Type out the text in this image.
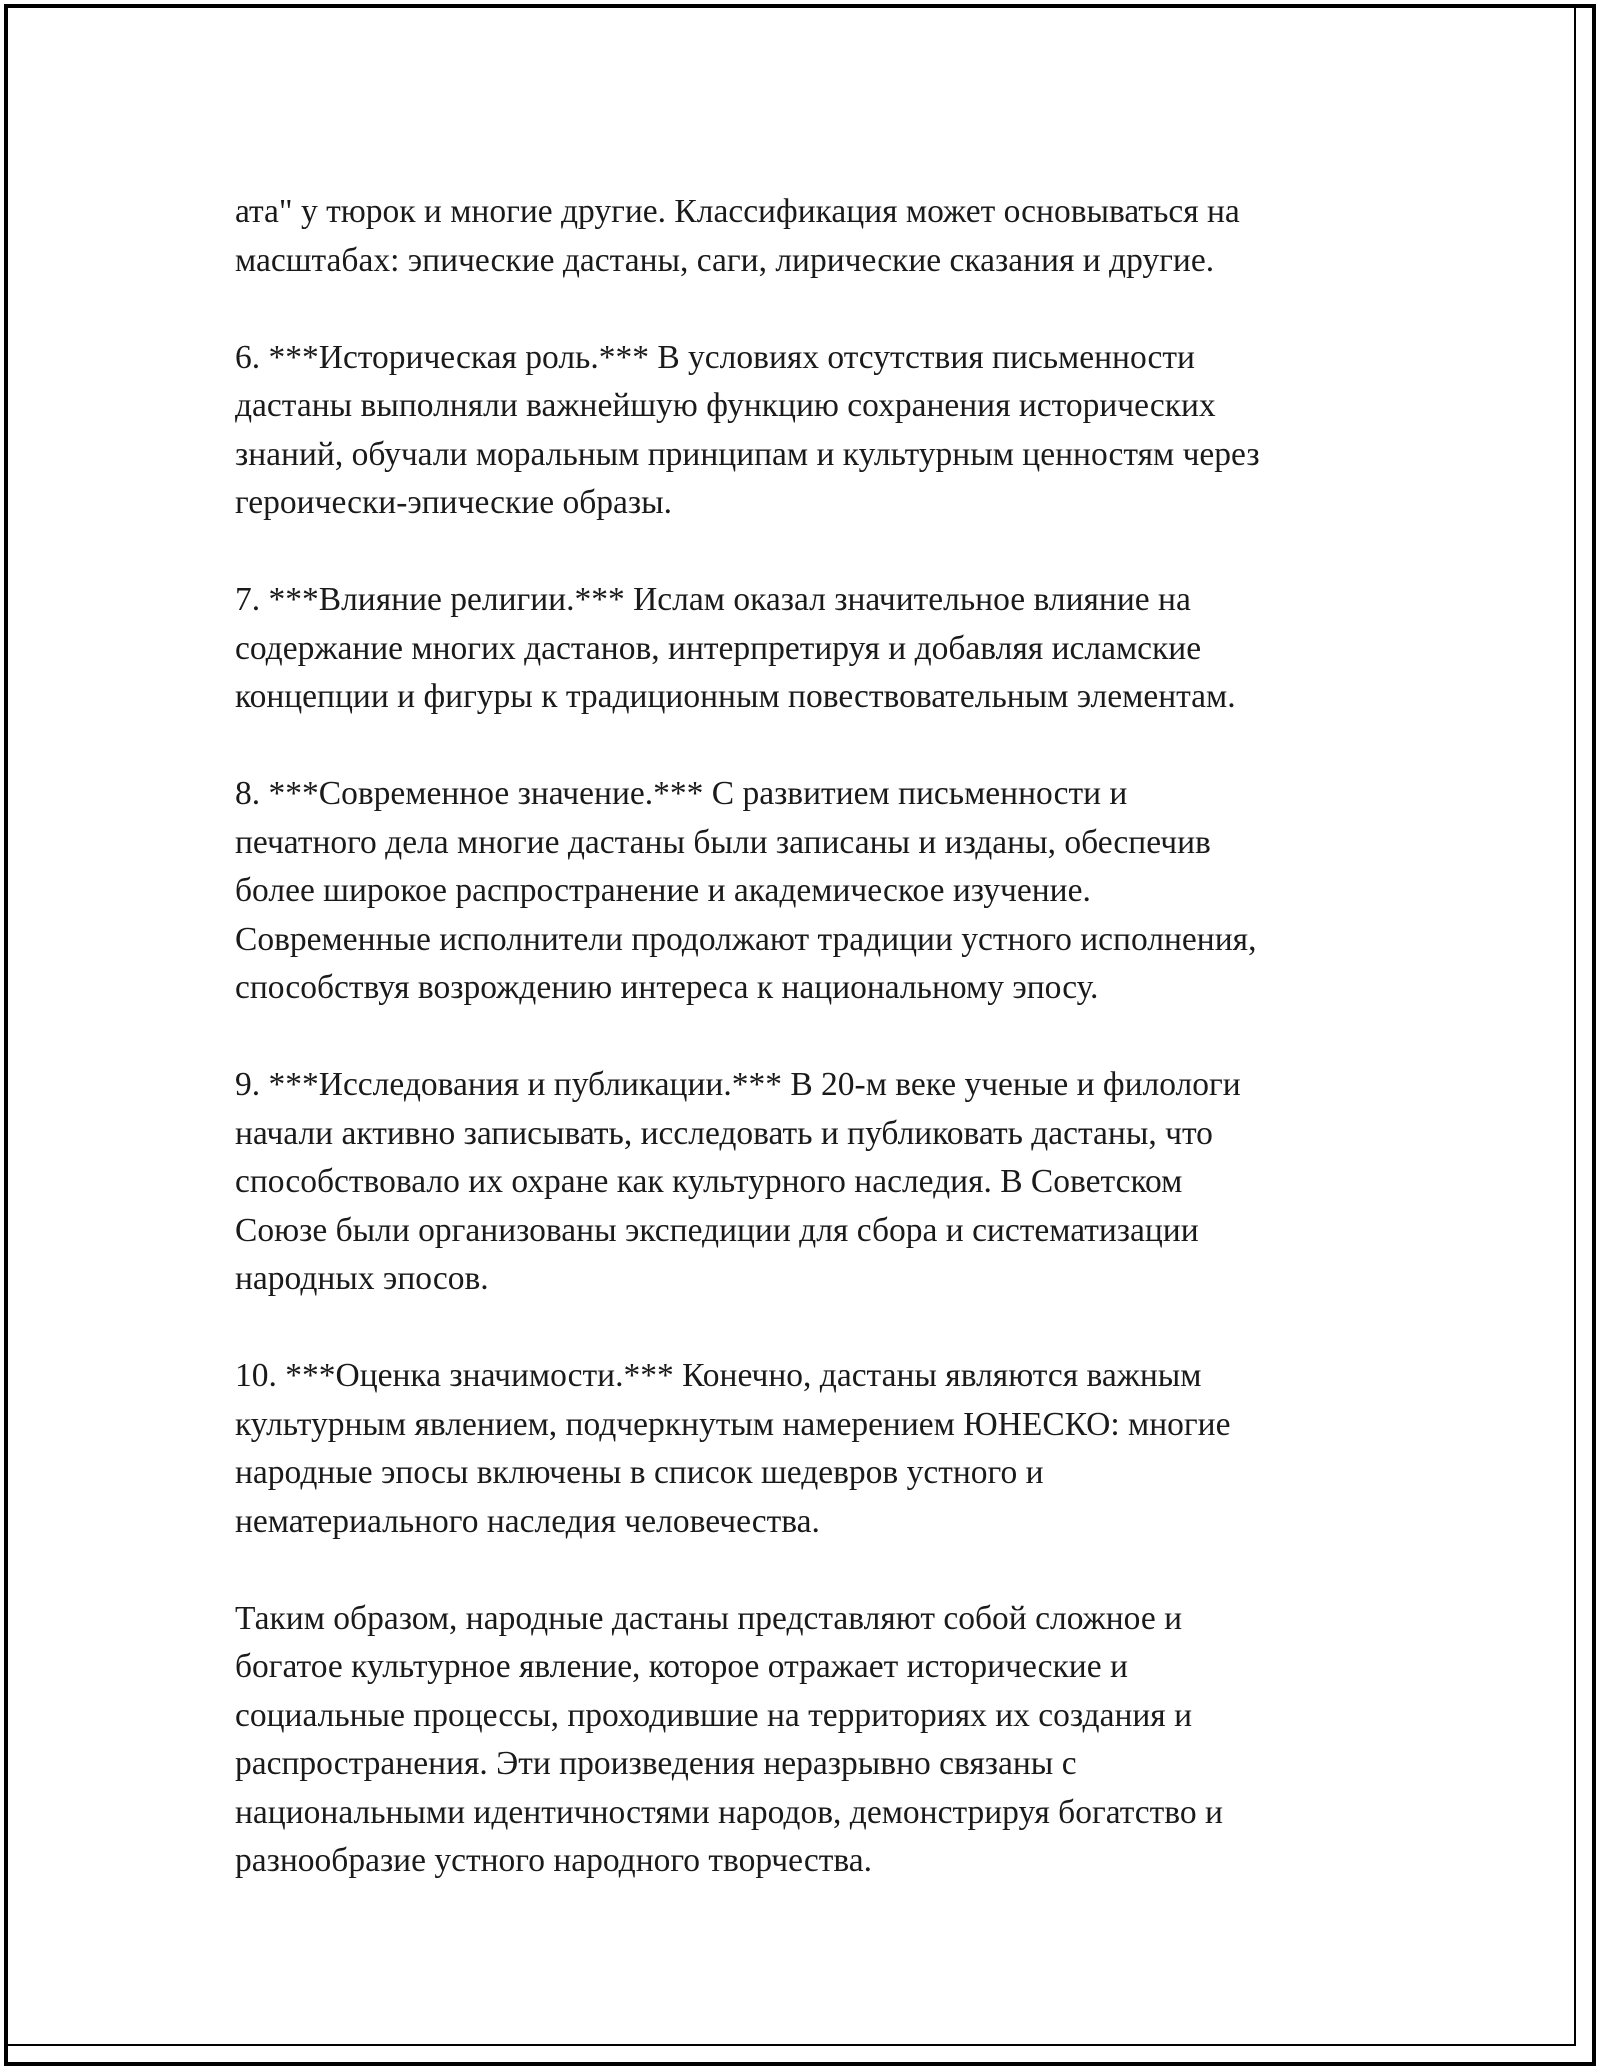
ата" у тюрок и многие другие. Классификация может основываться на
масштабах: эпические дастаны, саги, лирические сказания и другие.

6. ***Историческая роль.*** В условиях отсутствия письменности
дастаны выполняли важнейшую функцию сохранения исторических
знаний, обучали моральным принципам и культурным ценностям через
героически-эпические образы.

7. ***Влияние религии.*** Ислам оказал значительное влияние на
содержание многих дастанов, интерпретируя и добавляя исламские
концепции и фигуры к традиционным повествовательным элементам.

8. ***Современное значение.*** С развитием письменности и
печатного дела многие дастаны были записаны и изданы, обеспечив
более широкое распространение и академическое изучение.
Современные исполнители продолжают традиции устного исполнения,
способствуя возрождению интереса к национальному эпосу.

9. ***Исследования и публикации.*** В 20-м веке ученые и филологи
начали активно записывать, исследовать и публиковать дастаны, что
способствовало их охране как культурного наследия. В Советском
Союзе были организованы экспедиции для сбора и систематизации
народных эпосов.

10. ***Оценка значимости.*** Конечно, дастаны являются важным
культурным явлением, подчеркнутым намерением ЮНЕСКО: многие
народные эпосы включены в список шедевров устного и
нематериального наследия человечества.

Таким образом, народные дастаны представляют собой сложное и
богатое культурное явление, которое отражает исторические и
социальные процессы, проходившие на территориях их создания и
распространения. Эти произведения неразрывно связаны с
национальными идентичностями народов, демонстрируя богатство и
разнообразие устного народного творчества.
